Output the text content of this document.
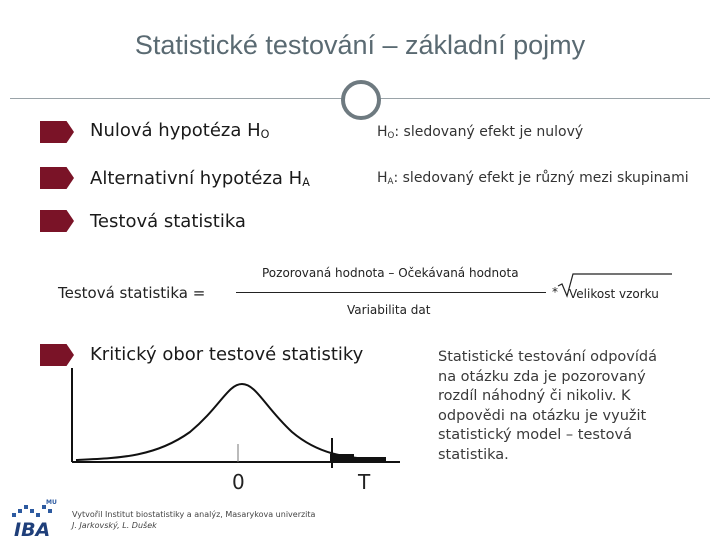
Statistické testování – základní pojmy
Nulová hypotéza $H_O$	$H_O$: sledovaný efekt je nulový
Alternativní hypotéza $H_A$	$H_A$: sledovaný efekt je různý mezi skupinami
Testová statistika
Testová statistika =
Pozorovaná hodnota – Očekávaná hodnota
Variabilita dat
* Velikost vzorku
Kritický obor testové statistiky
0	T
Statistické testování odpovídá na otázku zda je pozorovaný rozdíl náhodný či nikoliv. K odpovědi na otázku je využit statistický model – testová statistika.
MU
IBA
Vytvořil Institut biostatistiky a analýz, Masarykova univerzita
J. Jarkovský, L. Dušek
